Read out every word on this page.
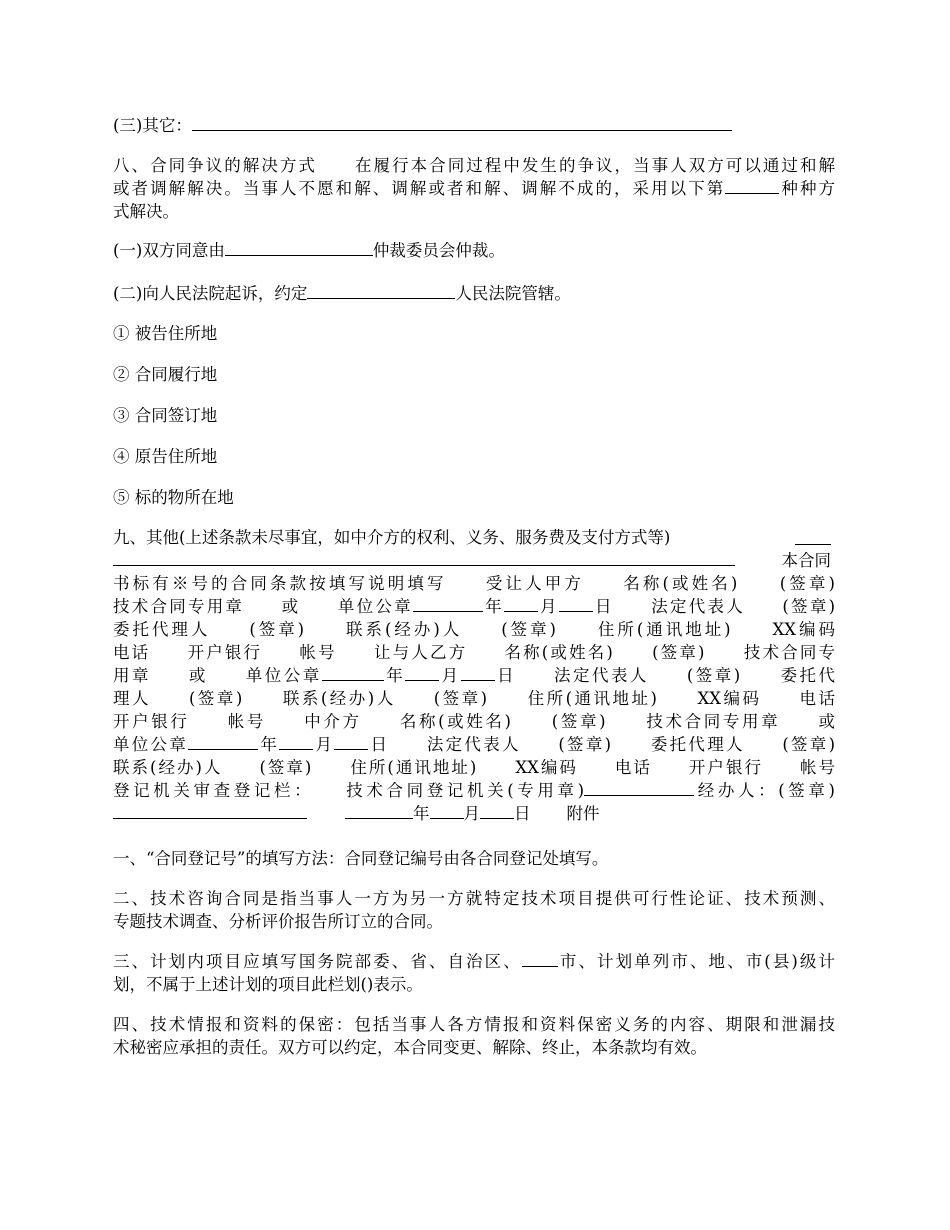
(三)其它：

八、合同争议的解决方式 在履行本合同过程中发生的争议，当事人双方可以通过和解

或者调解解决。当事人不愿和解、调解或者和解、调解不成的，采用以下第	种种方

式解决。

(一)双方同意由	仲裁委员会仲裁。

(二)向人民法院起诉，约定	人民法院管辖。

① 被告住所地

② 合同履行地

③ 合同签订地

④ 原告住所地

⑤ 标的物所在地

九、其他(上述条款未尽事宜，如中介方的权利、义务、服务费及支付方式等)

本合同

书标有※号的合同条款按填写说明填写　　受让人甲方　　名称(或姓名)　　(签章)

技术合同专用章　　或　　单位公章	年 月 日　　法定代表人　　(签章)

委托代理人　　(签章)　　联系(经办)人　　(签章)　　住所(通讯地址)　　XX编码

电话　　开户银行　　帐号　　让与人乙方　　名称(或姓名)　　(签章)　　技术合同专

用章　　或　　单位公章	年 月 日　　法定代表人　　(签章)　　委托代

理人　　(签章)　　联系(经办)人　　(签章)　　住所(通讯地址)　　XX编码　　电话

开户银行　　帐号　　中介方　　名称(或姓名)　　(签章)　　技术合同专用章　　或

单位公章	年 月 日　　法定代表人　　(签章)　　委托代理人　　(签章)

联系(经办)人　　(签章)　　住所(通讯地址)　　XX编码　　电话　　开户银行　　帐号

登记机关审查登记栏：　　技术合同登记机关(专用章)	经办人：(签章)

年 月 日 附件

一、“合同登记号”的填写方法：合同登记编号由各合同登记处填写。

二、技术咨询合同是指当事人一方为另一方就特定技术项目提供可行性论证、技术预测、

专题技术调查、分析评价报告所订立的合同。

三、计划内项目应填写国务院部委、省、自治区、 市、计划单列市、地、市(县)级计

划，不属于上述计划的项目此栏划()表示。

四、技术情报和资料的保密：包括当事人各方情报和资料保密义务的内容、期限和泄漏技

术秘密应承担的责任。双方可以约定，本合同变更、解除、终止，本条款均有效。
